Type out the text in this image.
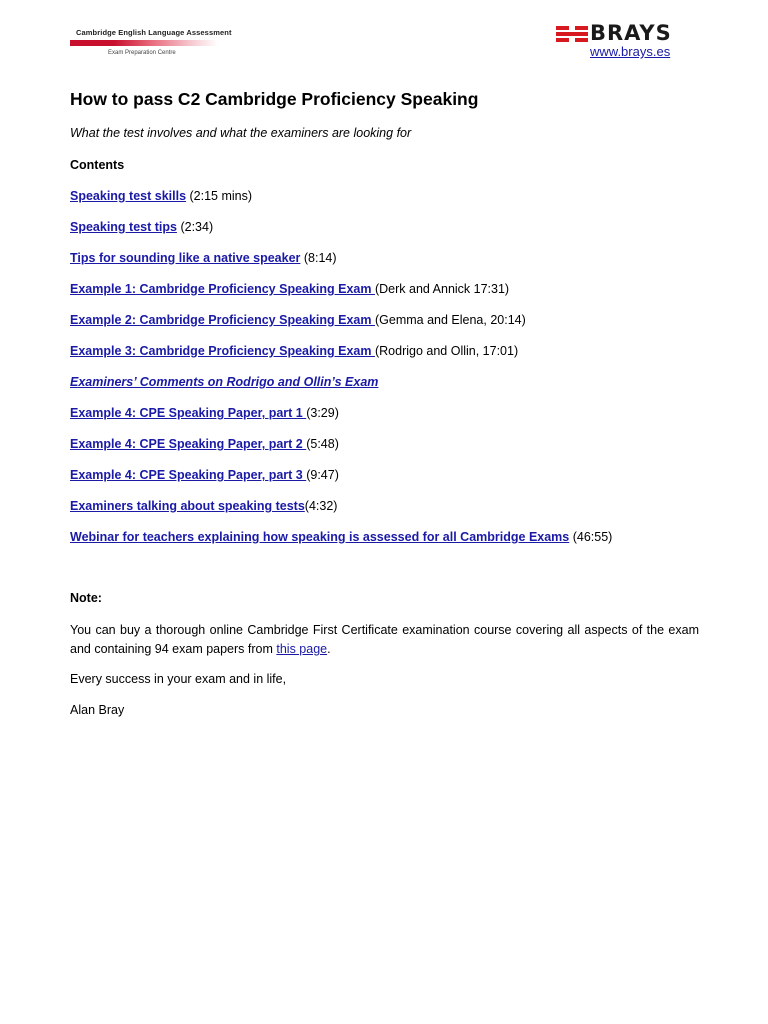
Cambridge English Language Assessment
Exam Preparation Centre
BRAYS
www.brays.es
How to pass C2 Cambridge Proficiency Speaking
What the test involves and what the examiners are looking for
Contents
Speaking test skills (2:15 mins)
Speaking test tips (2:34)
Tips for sounding like a native speaker (8:14)
Example 1: Cambridge Proficiency Speaking Exam (Derk and Annick 17:31)
Example 2: Cambridge Proficiency Speaking Exam (Gemma and Elena, 20:14)
Example 3: Cambridge Proficiency Speaking Exam (Rodrigo and Ollin, 17:01)
Examiners’ Comments on Rodrigo and Ollin’s Exam
Example 4: CPE Speaking Paper, part 1 (3:29)
Example 4: CPE Speaking Paper, part 2 (5:48)
Example 4: CPE Speaking Paper, part 3 (9:47)
Examiners talking about speaking tests(4:32)
Webinar for teachers explaining how speaking is assessed for all Cambridge Exams (46:55)
Note:

You can buy a thorough online Cambridge First Certificate examination course covering all aspects of the exam and containing 94 exam papers from this page.

Every success in your exam and in life,
Alan Bray
